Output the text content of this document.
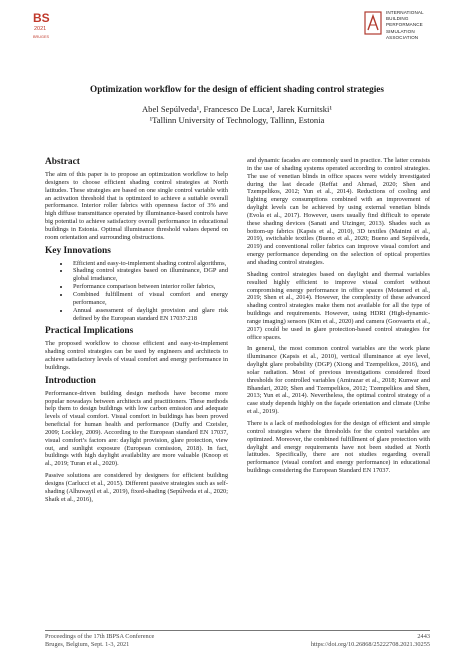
BS
2021
BRUGES
INTERNATIONAL
BUILDING
PERFORMANCE
SIMULATION
ASSOCIATION
Optimization workflow for the design of efficient shading control strategies
Abel Sepúlveda¹, Francesco De Luca¹, Jarek Kurnitski¹
¹Tallinn University of Technology, Tallinn, Estonia
Abstract

The aim of this paper is to propose an optimization workflow to help designers to choose efficient shading control strategies at North latitudes. These strategies are based on one single control variable with an activation threshold that is optimized to achieve a suitable overall performance. Interior roller fabrics with openness factor of 3% and high diffuse transmittance operated by illuminance-based controls have big potential to achieve satisfactory overall performance in educational buildings in Estonia. Optimal illuminance threshold values depend on room orientation and surrounding obstructions.

Key Innovations
• Efficient and easy-to-implement shading control algorithms,
• Shading control strategies based on illuminance, DGP and global irradiance,
• Performance comparison between interior roller fabrics,
• Combined fulfillment of visual comfort and energy performance,
• Annual assessment of daylight provision and glare risk defined by the European standard EN 17037:218
Practical Implications

The proposed workflow to choose efficient and easy-to-implement shading control strategies can be used by engineers and architects to achieve satisfactory levels of visual comfort and energy performance in buildings.

Introduction

Performance-driven building design methods have become more popular nowadays between architects and practitioners. These methods help them to design buildings with low carbon emission and adequate levels of visual comfort. Visual comfort in buildings has been proved beneficial for human health and performance (Duffy and Czeisler, 2009; Lockley, 2009). According to the European standard EN 17037, visual comfort’s factors are: daylight provision, glare protection, view out, and sunlight exposure (European comission, 2018). In fact, buildings with high daylight availability are more valuable (Knoop et al., 2019; Turan et al., 2020).

Passive solutions are considered by designers for efficient building designs (Carlucci et al., 2015). Different passive strategies such as self-shading (Alhuwayil et al., 2019), fixed-shading (Sepúlveda et al., 2020; Shaik et al., 2016),

and dynamic facades are commonly used in practice. The latter consists in the use of shading systems operated according to control strategies. The use of venetian blinds in office spaces were widely investigated during the last decade (Reffat and Ahmad, 2020; Shen and Tzempelikos, 2012; Yun et al., 2014). Reductions of cooling and lighting energy consumptions combined with an improvement of daylight levels can be achieved by using external venetian blinds (Evola et al., 2017). However, users usually find difficult to operate these shading devices (Sanati and Utzinger, 2013). Shades such as bottom-up fabrics (Kapsis et al., 2010), 3D textiles (Mainini et al., 2019), switchable textiles (Bueno et al., 2020; Bueno and Sepúlveda, 2019) and conventional roller fabrics can improve visual comfort and energy performance depending on the selection of optical properties and shading control strategies.

Shading control strategies based on daylight and thermal variables resulted highly efficient to improve visual comfort without compromising energy performance in office spaces (Motamed et al., 2019; Shen et al., 2014). However, the complexity of these advanced shading control strategies make them not available for all the type of buildings and requirements. However, using HDRI (High-dynamic-range imaging) sensors (Kim et al., 2020) and camera (Goovaerts et al., 2017) could be used in glare protection-based control strategies for office spaces.

In general, the most common control variables are the work plane illuminance (Kapsis et al., 2010), vertical illuminance at eye level, daylight glare probability (DGP) (Xiong and Tzempelikos, 2016), and solar radiation. Most of previous investigations considered fixed thresholds for controlled variables (Amirazar et al., 2018; Kunwar and Bhandari, 2020; Shen and Tzempelikos, 2012; Tzempelikos and Shen, 2013; Yun et al., 2014). Nevertheless, the optimal control strategy of a case study depends highly on the façade orientation and climate (Uribe et al., 2019).

There is a lack of methodologies for the design of efficient and simple control strategies where the thresholds for the control variables are optimized. Moreover, the combined fulfillment of glare protection with daylight and energy requirements have not been studied at North latitudes. Specifically, there are not studies regarding overall performance (visual comfort and energy performance) in educational buildings considering the European Standard EN 17037.

Proceedings of the 17th IBPSA Conference
Bruges, Belgium, Sept. 1-3, 2021
2443
https://doi.org/10.26868/25222708.2021.30255
